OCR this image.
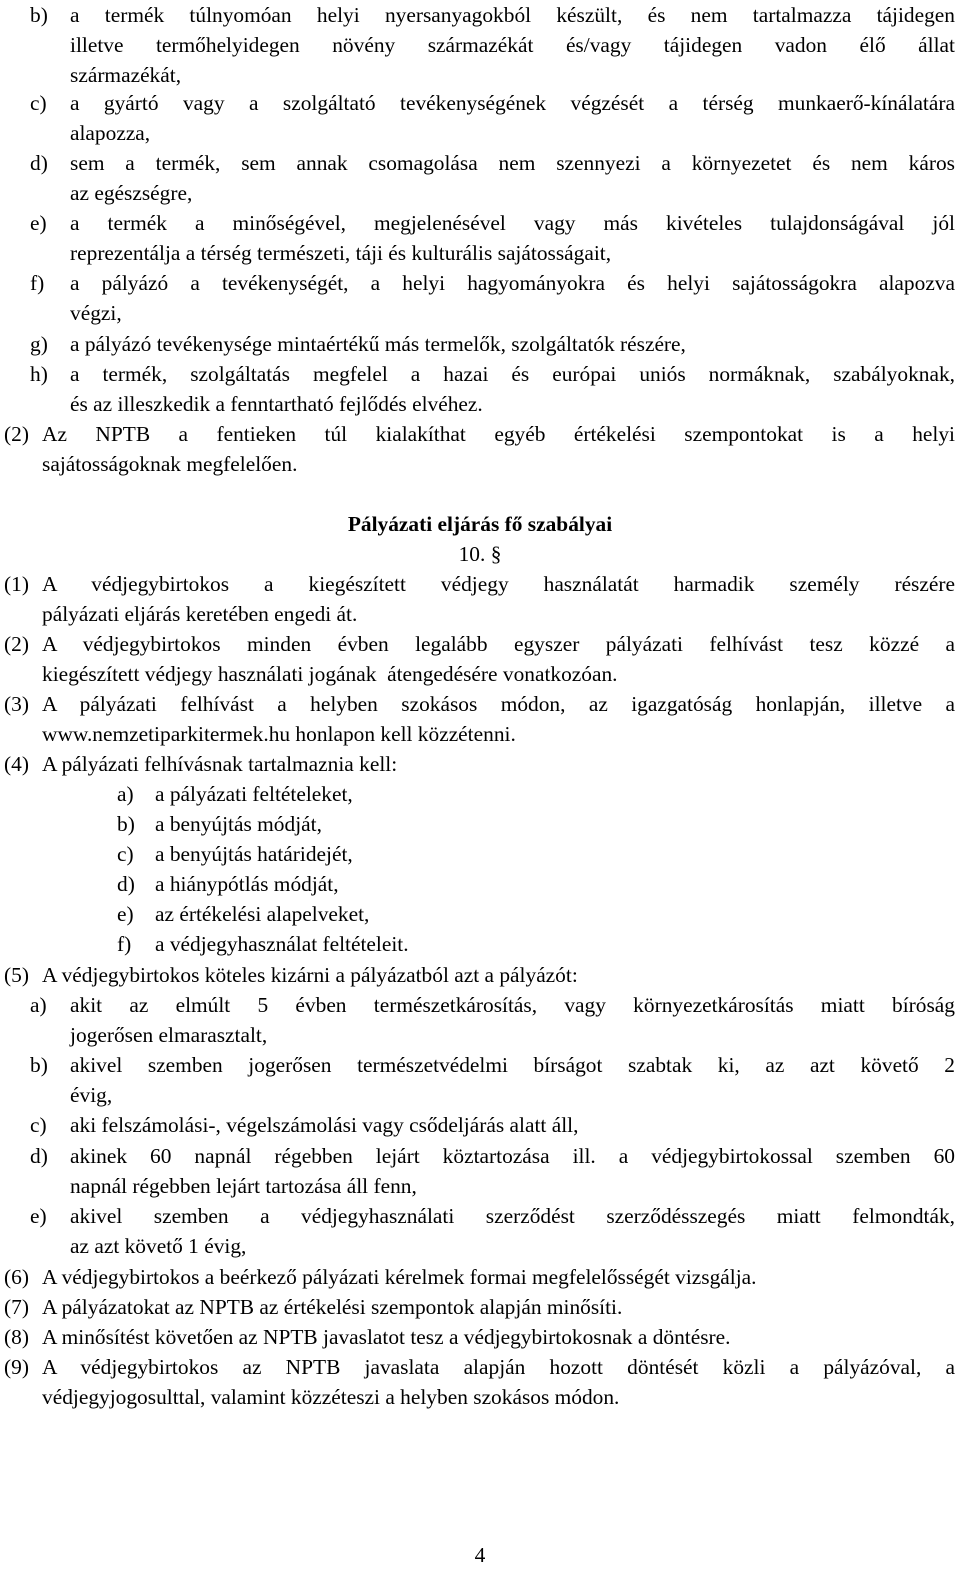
b) a termék túlnyomóan helyi nyersanyagokból készült, és nem tartalmazza tájidegen
illetve termőhelyidegen növény származékát és/vagy tájidegen vadon élő állat
származékát,
c) a gyártó vagy a szolgáltató tevékenységének végzését a térség munkaerő-kínálatára
alapozza,
d) sem a termék, sem annak csomagolása nem szennyezi a környezetet és nem káros
az egészségre,
e) a termék a minőségével, megjelenésével vagy más kivételes tulajdonságával jól
reprezentálja a térség természeti, táji és kulturális sajátosságait,
f) a pályázó a tevékenységét, a helyi hagyományokra és helyi sajátosságokra alapozva
végzi,
g) a pályázó tevékenysége mintaértékű más termelők, szolgáltatók részére,
h) a termék, szolgáltatás megfelel a hazai és európai uniós normáknak, szabályoknak,
és az illeszkedik a fenntartható fejlődés elvéhez.
(2) Az NPTB a fentieken túl kialakíthat egyéb értékelési szempontokat is a helyi
sajátosságoknak megfelelően.
Pályázati eljárás fő szabályai
10. §
(1) A védjegybirtokos a kiegészített védjegy használatát harmadik személy részére
pályázati eljárás keretében engedi át.
(2) A védjegybirtokos minden évben legalább egyszer pályázati felhívást tesz közzé a
kiegészített védjegy használati jogának  átengedésére vonatkozóan.
(3) A pályázati felhívást a helyben szokásos módon, az igazgatóság honlapján, illetve a
www.nemzetiparkitermek.hu honlapon kell közzétenni.
(4) A pályázati felhívásnak tartalmaznia kell:
a) a pályázati feltételeket,
b) a benyújtás módját,
c) a benyújtás határidejét,
d) a hiánypótlás módját,
e) az értékelési alapelveket,
f) a védjegyhasználat feltételeit.
(5) A védjegybirtokos köteles kizárni a pályázatból azt a pályázót:
a) akit az elmúlt 5 évben természetkárosítás, vagy környezetkárosítás miatt bíróság
jogerősen elmarasztalt,
b) akivel szemben jogerősen természetvédelmi bírságot szabtak ki, az azt követő 2
évig,
c) aki felszámolási-, végelszámolási vagy csődeljárás alatt áll,
d) akinek 60 napnál régebben lejárt köztartozása ill. a védjegybirtokossal szemben 60
napnál régebben lejárt tartozása áll fenn,
e) akivel szemben a védjegyhasználati szerződést szerződésszegés miatt felmondták,
az azt követő 1 évig,
(6) A védjegybirtokos a beérkező pályázati kérelmek formai megfelelősségét vizsgálja.
(7) A pályázatokat az NPTB az értékelési szempontok alapján minősíti.
(8) A minősítést követően az NPTB javaslatot tesz a védjegybirtokosnak a döntésre.
(9) A védjegybirtokos az NPTB javaslata alapján hozott döntését közli a pályázóval, a
védjegyjogosulttal, valamint közzéteszi a helyben szokásos módon.
4
